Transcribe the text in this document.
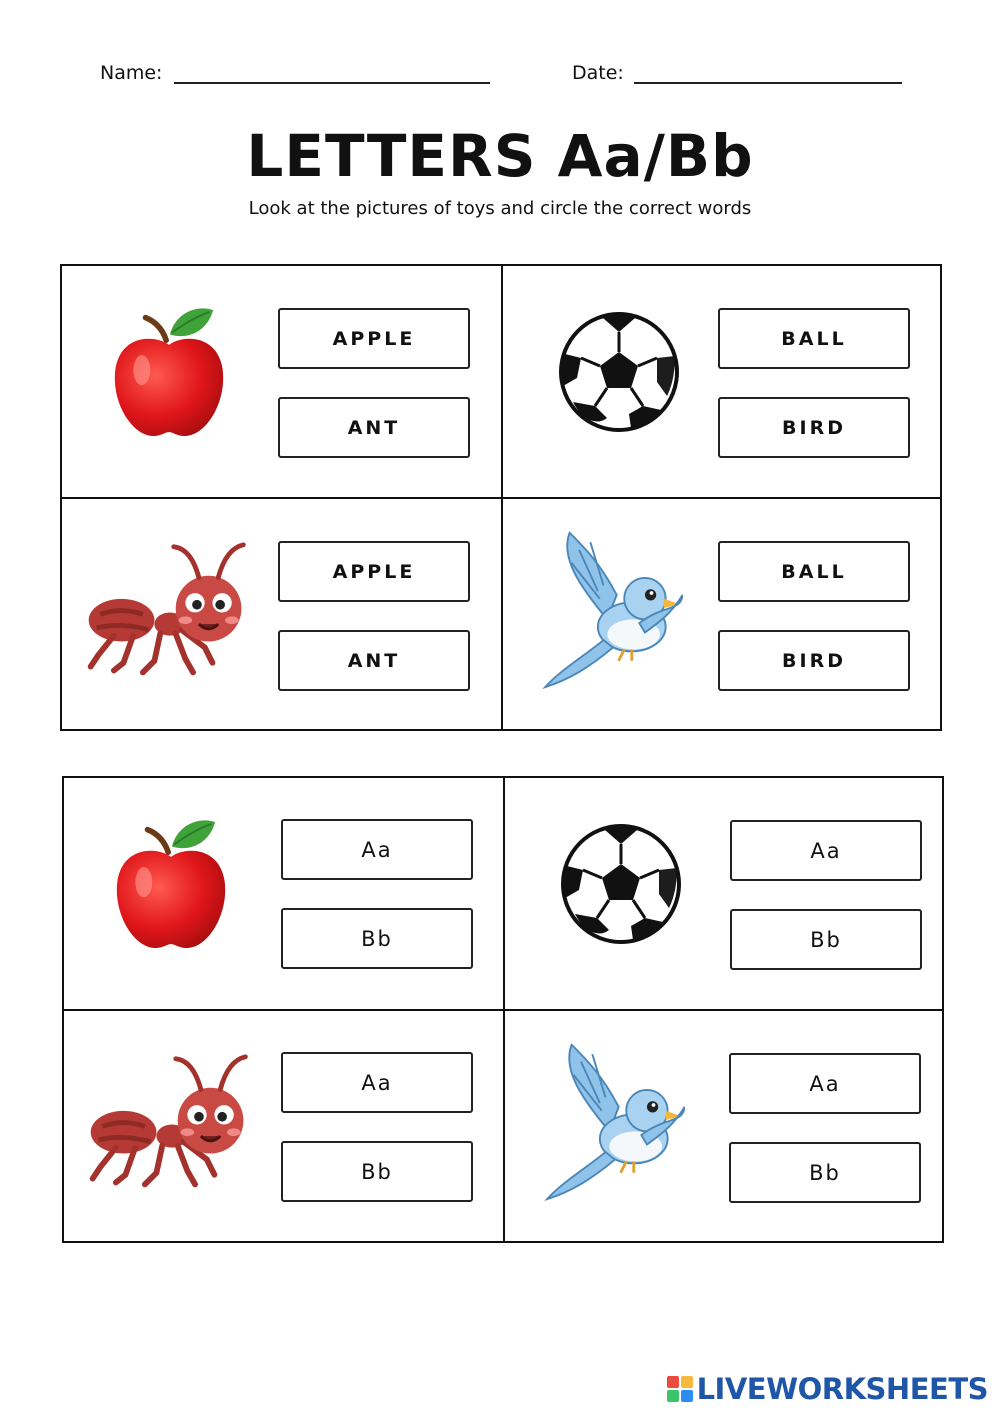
Name:	Date:
LETTERS Aa/Bb
Look at the pictures of toys and circle the correct words
APPLE
ANT
BALL
BIRD
APPLE
ANT
BALL
BIRD
Aa
Bb
Aa
Bb
Aa
Bb
Aa
Bb
LIVEWORKSHEETS
